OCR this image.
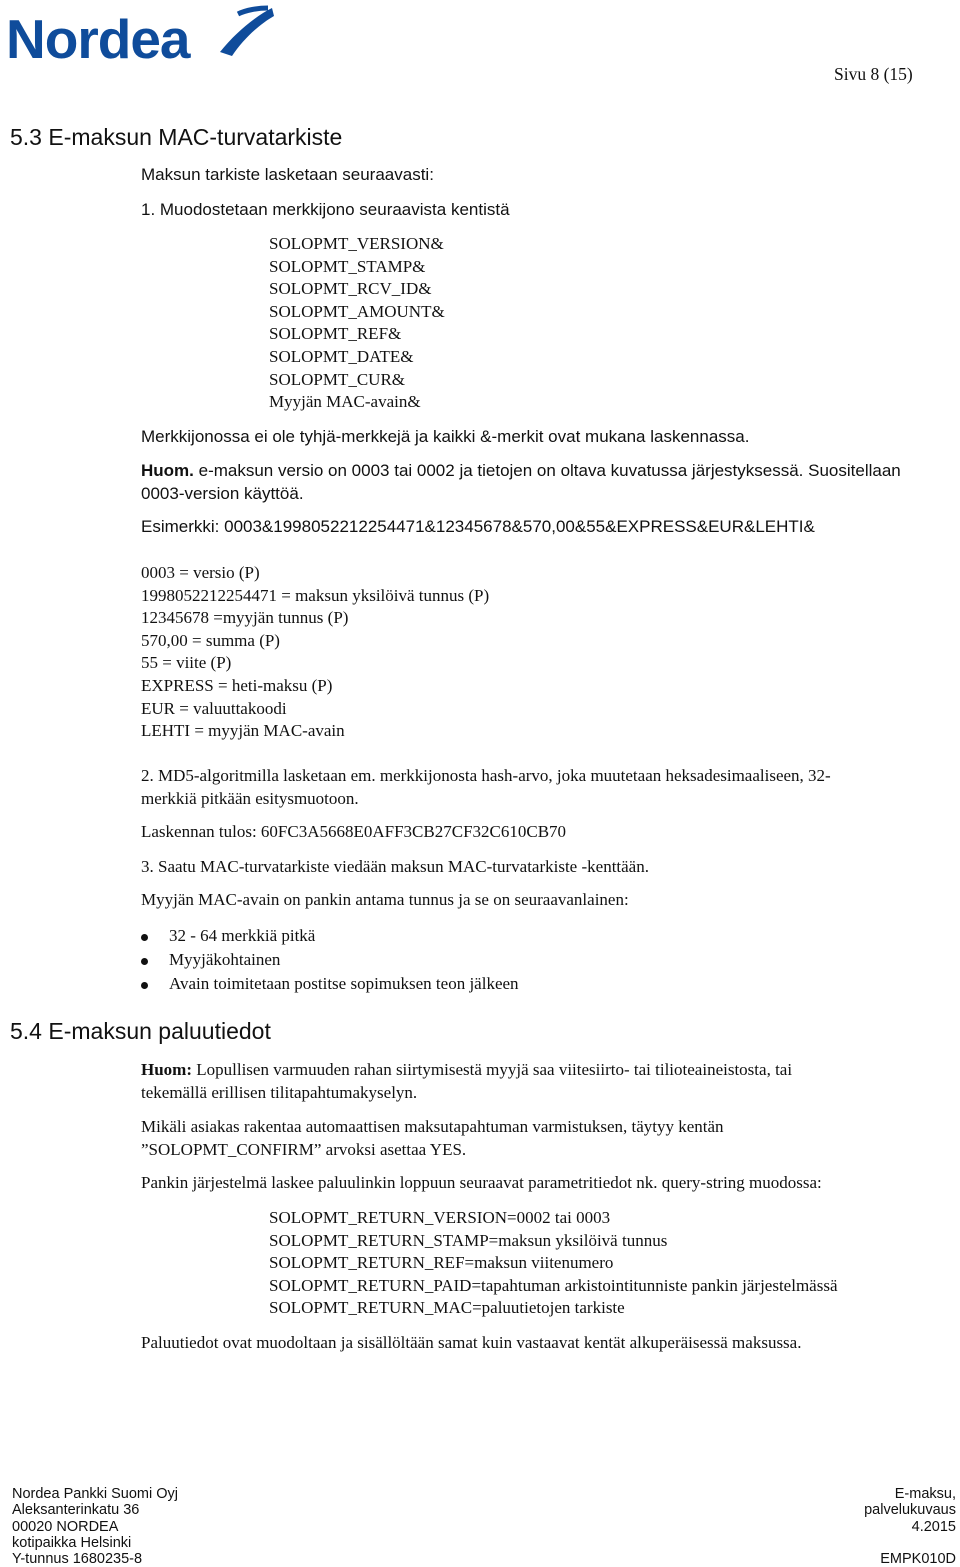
Nordea
Sivu 8 (15)
5.3 E-maksun MAC-turvatarkiste
Maksun tarkiste lasketaan seuraavasti:
1. Muodostetaan merkkijono seuraavista kentistä
SOLOPMT_VERSION&
SOLOPMT_STAMP&
SOLOPMT_RCV_ID&
SOLOPMT_AMOUNT&
SOLOPMT_REF&
SOLOPMT_DATE&
SOLOPMT_CUR&
Myyjän MAC-avain&
Merkkijonossa ei ole tyhjä-merkkejä ja kaikki &-merkit ovat mukana laskennassa.
Huom. e-maksun versio on 0003 tai 0002 ja tietojen on oltava kuvatussa järjestyksessä. Suositellaan
0003-version käyttöä.
Esimerkki: 0003&1998052212254471&12345678&570,00&55&EXPRESS&EUR&LEHTI&
0003 = versio (P)
1998052212254471 = maksun yksilöivä tunnus (P)
12345678 =myyjän tunnus (P)
570,00 = summa (P)
55 = viite (P)
EXPRESS = heti-maksu (P)
EUR = valuuttakoodi
LEHTI = myyjän MAC-avain
2. MD5-algoritmilla lasketaan em. merkkijonosta hash-arvo, joka muutetaan heksadesimaaliseen, 32-
merkkiä pitkään esitysmuotoon.
Laskennan tulos: 60FC3A5668E0AFF3CB27CF32C610CB70
3. Saatu MAC-turvatarkiste viedään maksun MAC-turvatarkiste -kenttään.
Myyjän MAC-avain on pankin antama tunnus ja se on seuraavanlainen:
32 - 64 merkkiä pitkä
Myyjäkohtainen
Avain toimitetaan postitse sopimuksen teon jälkeen
5.4 E-maksun paluutiedot
Huom: Lopullisen varmuuden rahan siirtymisestä myyjä saa viitesiirto- tai tilioteaineistosta, tai
tekemällä erillisen tilitapahtumakyselyn.
Mikäli asiakas rakentaa automaattisen maksutapahtuman varmistuksen, täytyy kentän
”SOLOPMT_CONFIRM” arvoksi asettaa YES.
Pankin järjestelmä laskee paluulinkin loppuun seuraavat parametritiedot nk. query-string muodossa:
SOLOPMT_RETURN_VERSION=0002 tai 0003
SOLOPMT_RETURN_STAMP=maksun yksilöivä tunnus
SOLOPMT_RETURN_REF=maksun viitenumero
SOLOPMT_RETURN_PAID=tapahtuman arkistointitunniste pankin järjestelmässä
SOLOPMT_RETURN_MAC=paluutietojen tarkiste
Paluutiedot ovat muodoltaan ja sisällöltään samat kuin vastaavat kentät alkuperäisessä maksussa.
Nordea Pankki Suomi Oyj
Aleksanterinkatu 36
00020 NORDEA
kotipaikka Helsinki
Y-tunnus 1680235-8
E-maksu,
palvelukuvaus
4.2015
EMPK010D
